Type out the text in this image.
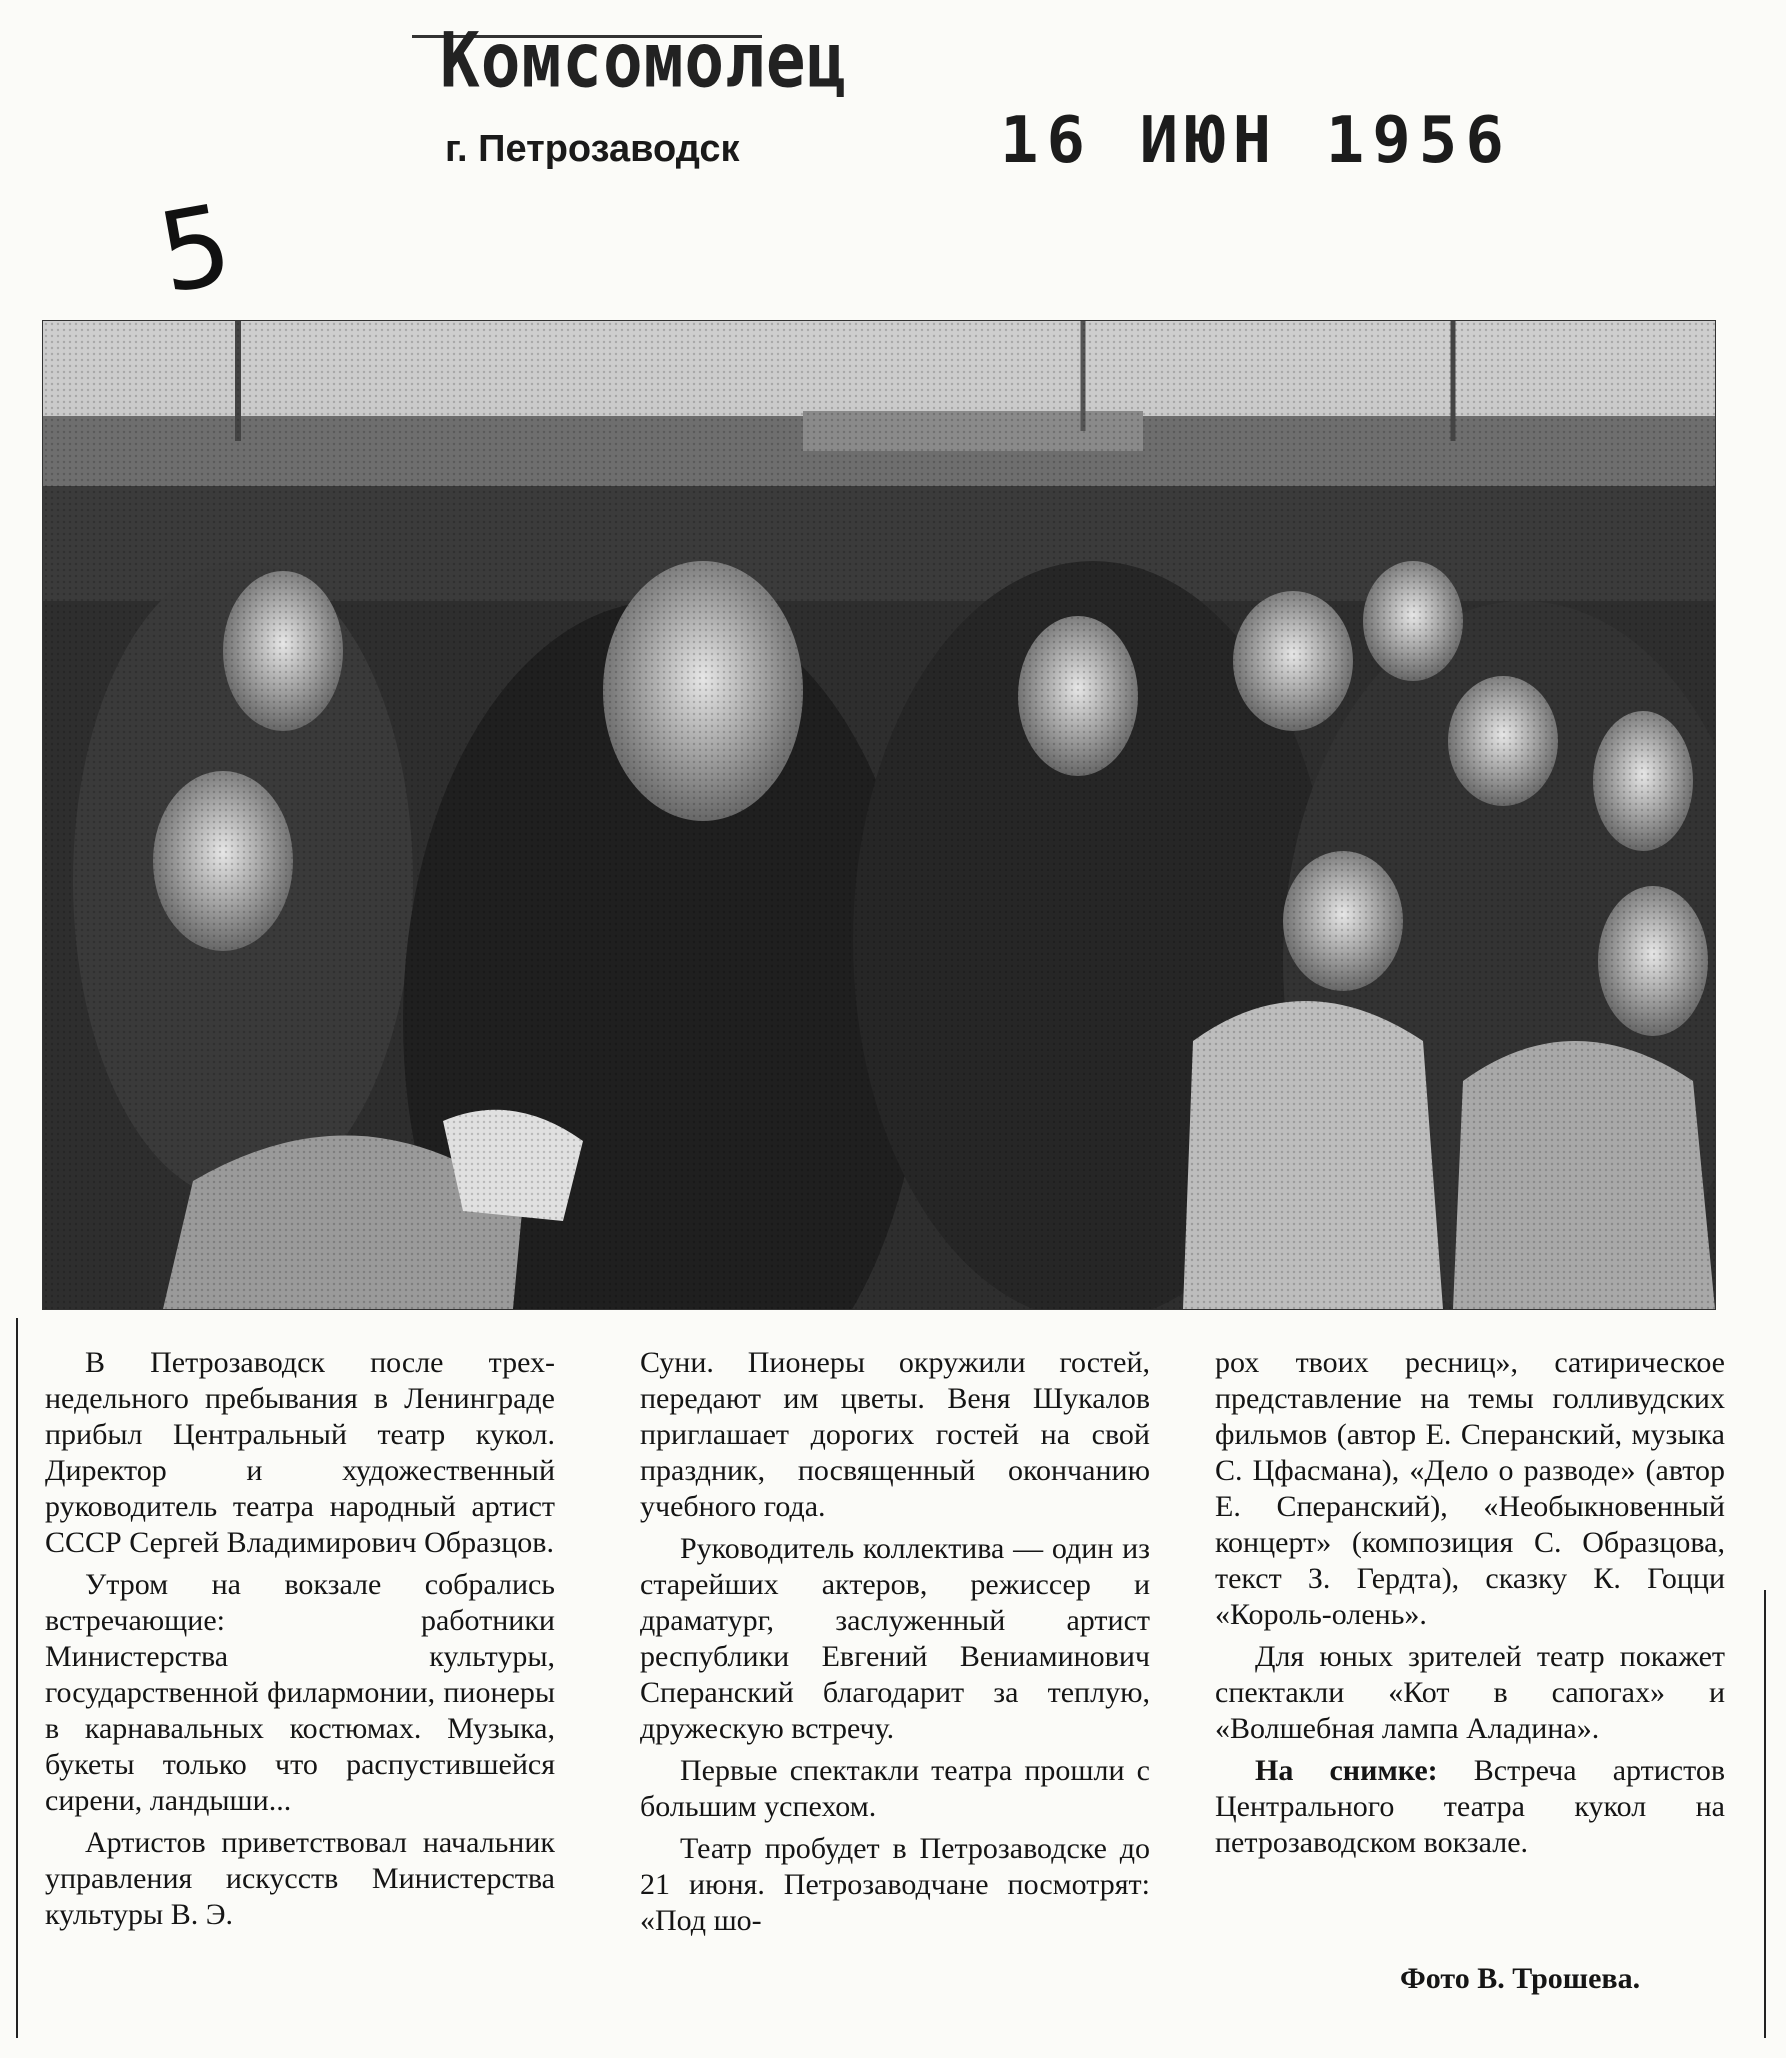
Комсомолец
г. Петрозаводск	16 ИЮН 1956
5

В Петрозаводск после трех-недельного пребывания в Ленинграде прибыл Центральный театр кукол. Директор и художественный руководитель театра народный артист СССР Сергей Владимирович Образцов.

Утром на вокзале собрались встречающие: работники Министерства культуры, государственной филармонии, пионеры в карнавальных костюмах. Музыка, букеты только что распустившейся сирени, ландыши...

Артистов приветствовал начальник управления искусств Министерства культуры В. Э.

Суни. Пионеры окружили гостей, передают им цветы. Веня Шукалов приглашает дорогих гостей на свой праздник, посвященный окончанию учебного года.

Руководитель коллектива — один из старейших актеров, режиссер и драматург, заслуженный артист республики Евгений Вениаминович Сперанский благодарит за теплую, дружескую встречу.

Первые спектакли театра прошли с большим успехом.

Театр пробудет в Петрозаводске до 21 июня. Петрозаводчане посмотрят: «Под шо-

рох твоих ресниц», сатирическое представление на темы голливудских фильмов (автор Е. Сперанский, музыка С. Цфасмана), «Дело о разводе» (автор Е. Сперанский), «Необыкновенный концерт» (композиция С. Образцова, текст З. Гердта), сказку К. Гоцци «Король-олень».

Для юных зрителей театр покажет спектакли «Кот в сапогах» и «Волшебная лампа Аладина».

На снимке: Встреча артистов Центрального театра кукол на петрозаводском вокзале.

Фото В. Трошева.
